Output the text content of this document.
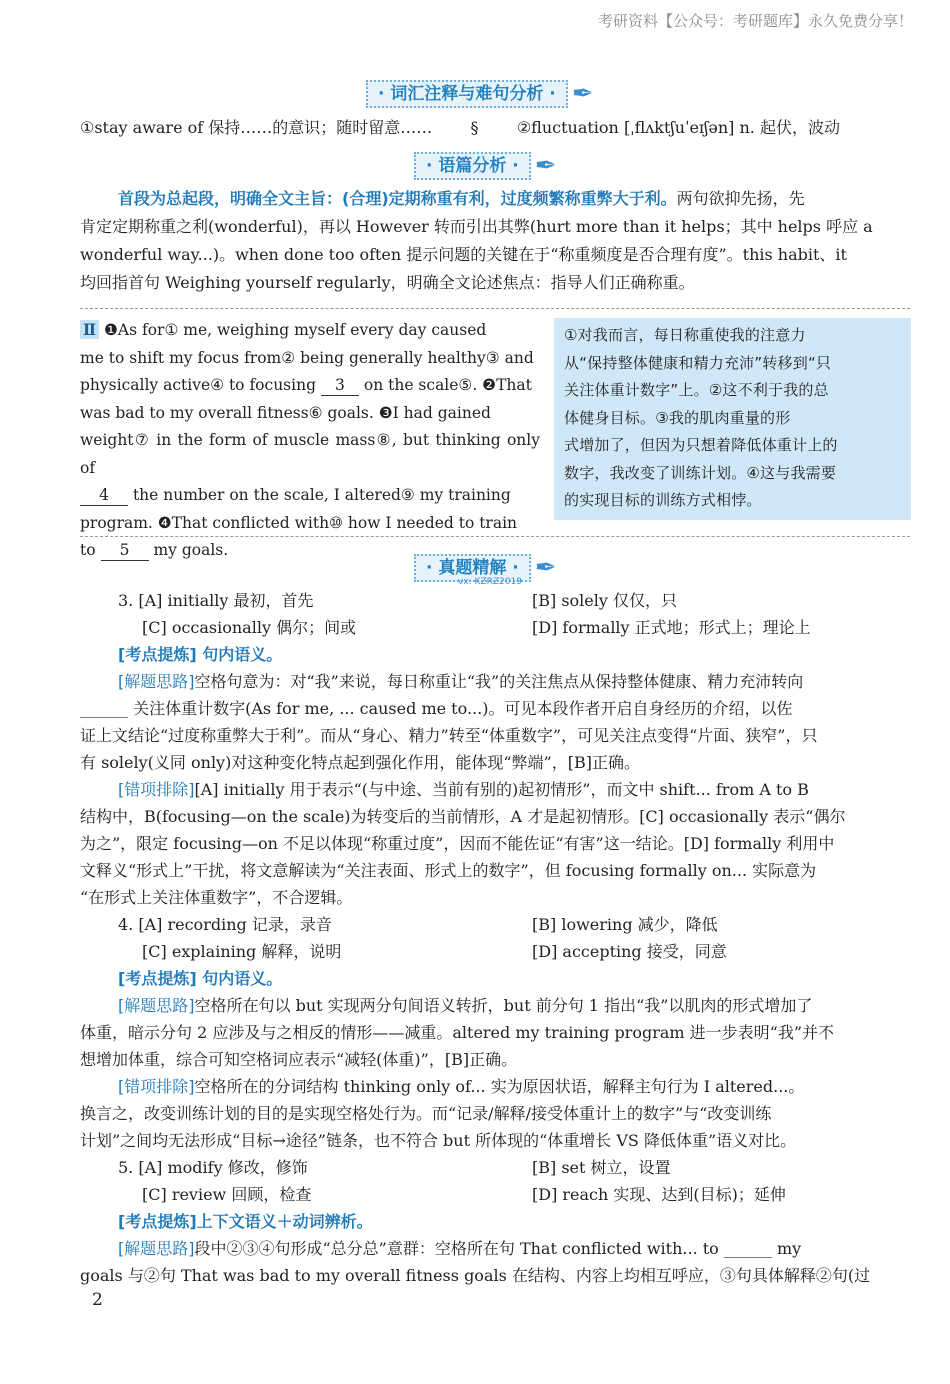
考研资料【公众号：考研题库】永久免费分享！
· 词汇注释与难句分析 · ✒
①stay aware of 保持……的意识；随时留意…… § ②fluctuation [ˌflʌktʃuˈeɪʃən] n. 起伏，波动
· 语篇分析 · ✒
首段为总起段，明确全文主旨：(合理)定期称重有利，过度频繁称重弊大于利。两句欲抑先扬，先
肯定定期称重之利(wonderful)，再以 However 转而引出其弊(hurt more than it helps；其中 helps 呼应 a
wonderful way...)。when done too often 提示问题的关键在于“称重频度是否合理有度”。this habit、it
均回指首句 Weighing yourself regularly，明确全文论述焦点：指导人们正确称重。
Ⅱ ❶As for① me, weighing myself every day caused
me to shift my focus from② being generally healthy③ and
physically active④ to focusing 3 on the scale⑤. ❷That
was bad to my overall fitness⑥ goals. ❸I had gained
weight⑦ in the form of muscle mass⑧, but thinking only of
4 the number on the scale, I altered⑨ my training
program. ❹That conflicted with⑩ how I needed to train
to 5 my goals.
①对我而言，每日称重使我的注意力
从“保持整体健康和精力充沛”转移到“只
关注体重计数字”上。②这不利于我的总
体健身目标。③我的肌肉重量的形
式增加了，但因为只想着降低体重计上的
数字，我改变了训练计划。④这与我需要
的实现目标的训练方式相悖。
· 真题精解 · ✒
vx: KZRZ2019
3. [A] initially 最初，首先	[B] solely 仅仅，只
[C] occasionally 偶尔；间或	[D] formally 正式地；形式上；理论上
[考点提炼] 句内语义。
[解题思路]空格句意为：对“我”来说，每日称重让“我”的关注焦点从保持整体健康、精力充沛转向
______ 关注体重计数字(As for me, ... caused me to...)。可见本段作者开启自身经历的介绍，以佐
证上文结论“过度称重弊大于利”。而从“身心、精力”转至“体重数字”，可见关注点变得“片面、狭窄”，只
有 solely(义同 only)对这种变化特点起到强化作用，能体现“弊端”，[B]正确。
[错项排除][A] initially 用于表示“(与中途、当前有别的)起初情形”，而文中 shift... from A to B
结构中，B(focusing—on the scale)为转变后的当前情形，A 才是起初情形。[C] occasionally 表示“偶尔
为之”，限定 focusing—on 不足以体现“称重过度”，因而不能佐证“有害”这一结论。[D] formally 利用中
文释义“形式上”干扰，将文意解读为“关注表面、形式上的数字”，但 focusing formally on... 实际意为
“在形式上关注体重数字”，不合逻辑。
4. [A] recording 记录，录音	[B] lowering 减少，降低
[C] explaining 解释，说明	[D] accepting 接受，同意
[考点提炼] 句内语义。
[解题思路]空格所在句以 but 实现两分句间语义转折，but 前分句 1 指出“我”以肌肉的形式增加了
体重，暗示分句 2 应涉及与之相反的情形——减重。altered my training program 进一步表明“我”并不
想增加体重，综合可知空格词应表示“减轻(体重)”，[B]正确。
[错项排除]空格所在的分词结构 thinking only of... 实为原因状语，解释主句行为 I altered...。
换言之，改变训练计划的目的是实现空格处行为。而“记录/解释/接受体重计上的数字”与“改变训练
计划”之间均无法形成“目标→途径”链条，也不符合 but 所体现的“体重增长 VS 降低体重”语义对比。
5. [A] modify 修改，修饰	[B] set 树立，设置
[C] review 回顾，检查	[D] reach 实现、达到(目标)；延伸
[考点提炼]上下文语义＋动词辨析。
[解题思路]段中②③④句形成“总分总”意群：空格所在句 That conflicted with... to ______ my
goals 与②句 That was bad to my overall fitness goals 在结构、内容上均相互呼应，③句具体解释②句(过
2
